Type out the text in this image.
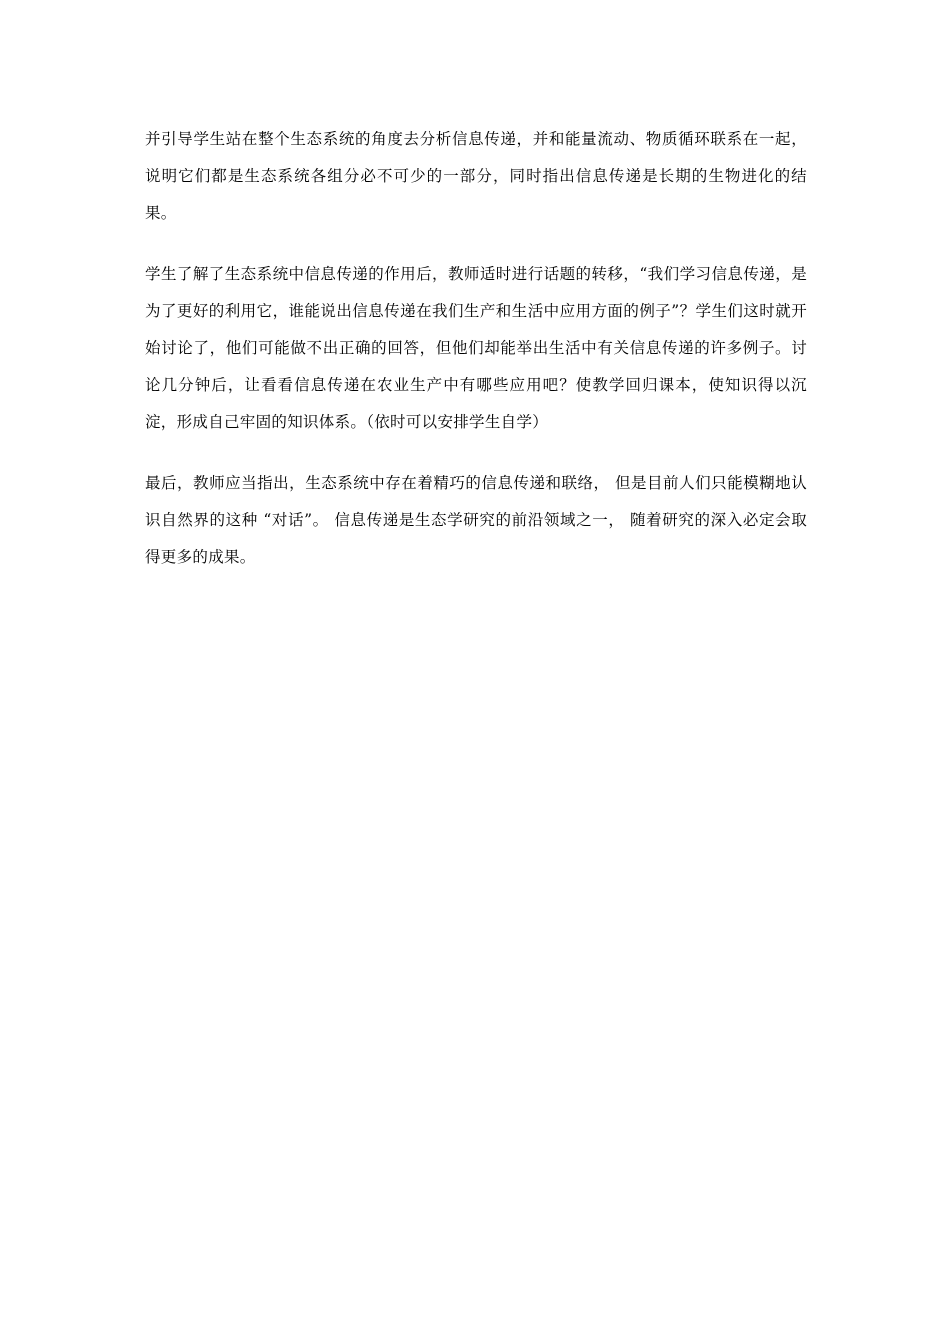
并引导学生站在整个生态系统的角度去分析信息传递，并和能量流动、物质循环联系在一起，说明它们都是生态系统各组分必不可少的一部分，同时指出信息传递是长期的生物进化的结果。

学生了解了生态系统中信息传递的作用后，教师适时进行话题的转移，“我们学习信息传递，是为了更好的利用它，谁能说出信息传递在我们生产和生活中应用方面的例子”？学生们这时就开始讨论了，他们可能做不出正确的回答，但他们却能举出生活中有关信息传递的许多例子。讨论几分钟后，让看看信息传递在农业生产中有哪些应用吧？使教学回归课本，使知识得以沉淀，形成自己牢固的知识体系。（依时可以安排学生自学）

最后，教师应当指出，生态系统中存在着精巧的信息传递和联络， 但是目前人们只能模糊地认识自然界的这种 “对话”。 信息传递是生态学研究的前沿领域之一， 随着研究的深入必定会取得更多的成果。
